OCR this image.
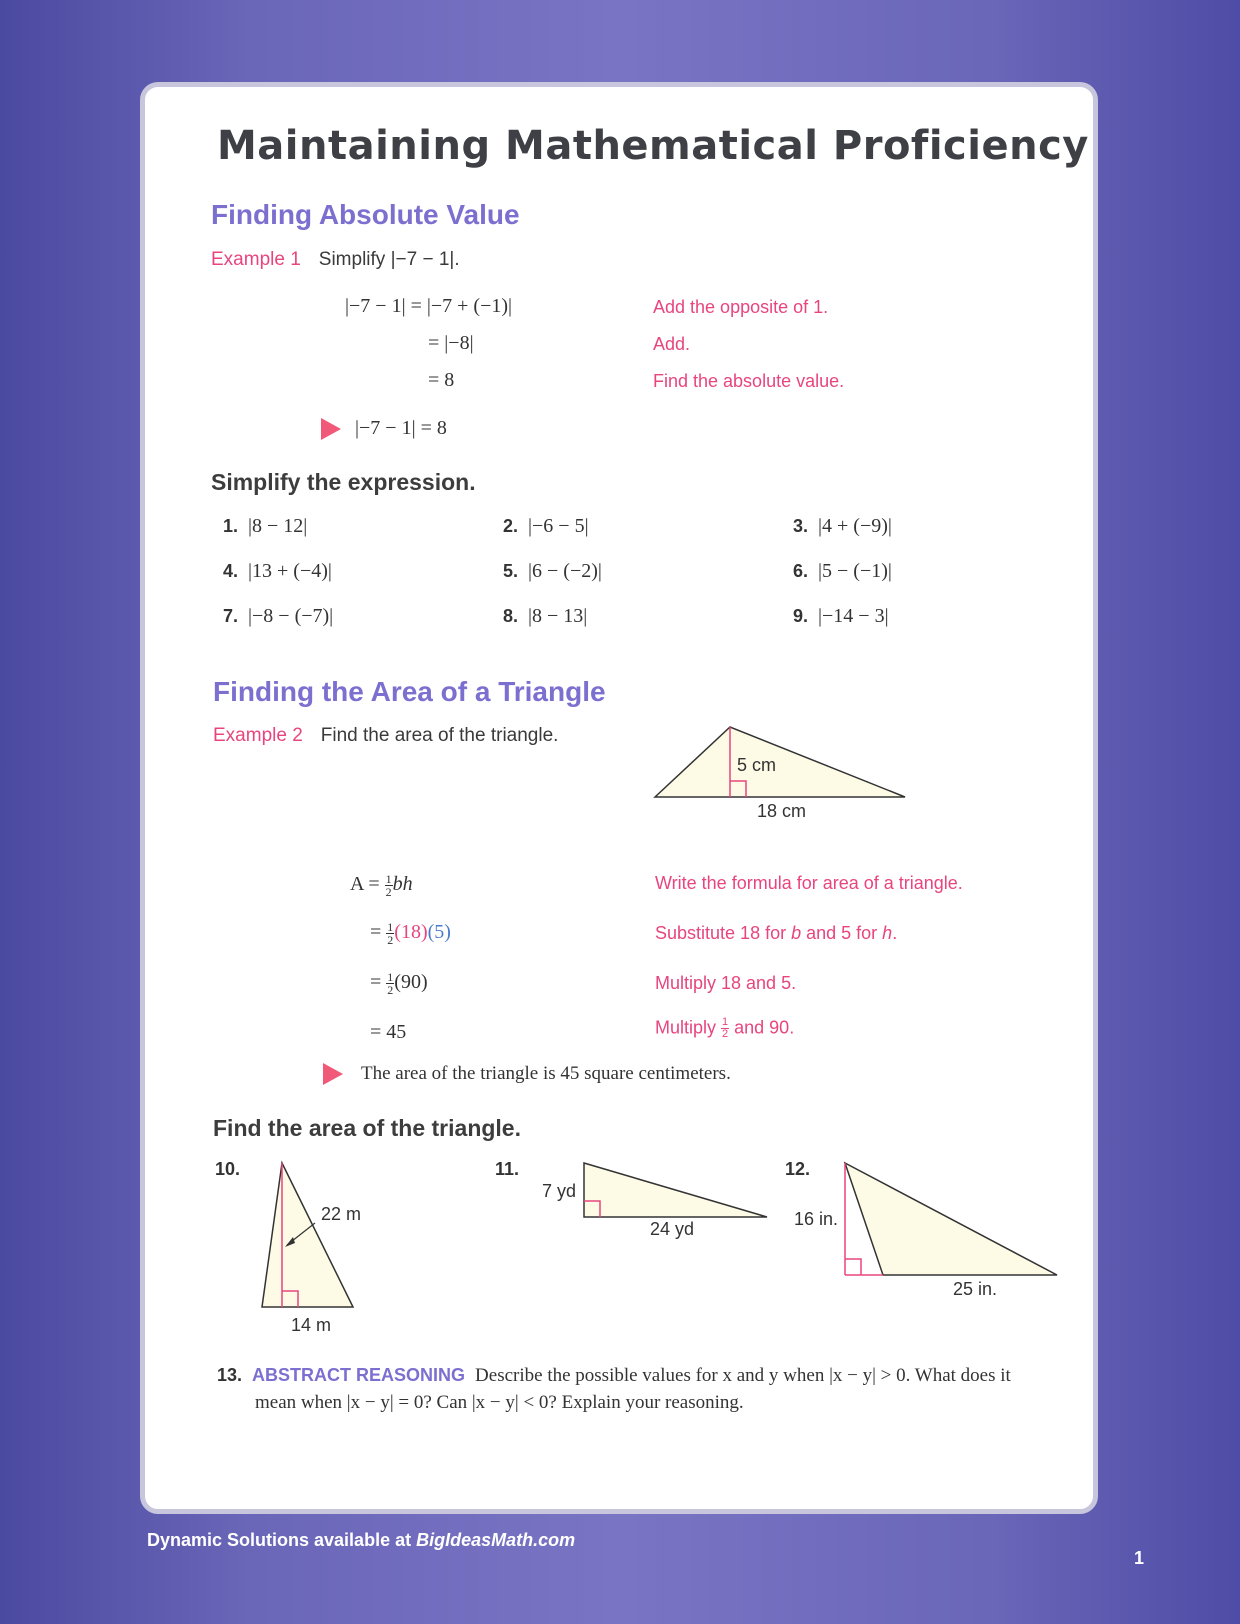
Maintaining Mathematical Proficiency
Finding Absolute Value
Example 1 Simplify |−7 − 1|.
|−7 − 1| = |−7 + (−1)|	Add the opposite of 1.
= |−8|	Add.
= 8	Find the absolute value.
|−7 − 1| = 8
Simplify the expression.
1. |8 − 12|	2. |−6 − 5|	3. |4 + (−9)|
4. |13 + (−4)|	5. |6 − (−2)|	6. |5 − (−1)|
7. |−8 − (−7)|	8. |8 − 13|	9. |−14 − 3|
Finding the Area of a Triangle
Example 2 Find the area of the triangle.
5 cm
18 cm
$A = \frac{1}{2}$ bh	Write the formula for area of a triangle.
= $\frac{1}{2} (18)(5)$	Substitute 18 for b and 5 for h.
= $\frac{1}{2} (90)$	Multiply 18 and 5.
= 45	Multiply $\frac{1}{2}$ and 90.
The area of the triangle is 45 square centimeters.
Find the area of the triangle.
10.
22 m
14 m
11.
7 yd
24 yd
12.
16 in.
25 in.
13. ABSTRACT REASONING Describe the possible values for x and y when |x − y| > 0. What does it
mean when |x − y| = 0? Can |x − y| < 0? Explain your reasoning.
Dynamic Solutions available at BigIdeasMath.com
1
